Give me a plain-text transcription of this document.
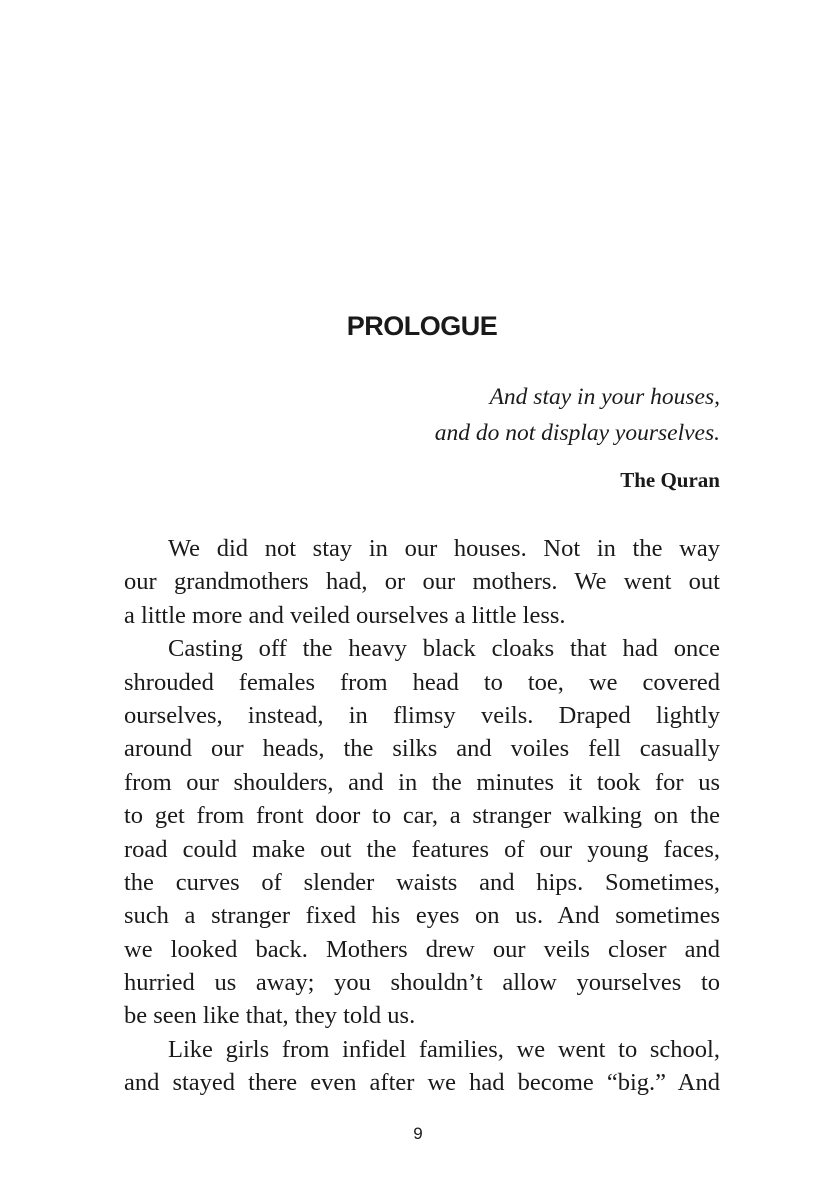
PROLOGUE
And stay in your houses,
and do not display yourselves.
The Quran
We did not stay in our houses. Not in the way
our grandmothers had, or our mothers. We went out
a little more and veiled ourselves a little less.
Casting off the heavy black cloaks that had once
shrouded females from head to toe, we covered
ourselves, instead, in flimsy veils. Draped lightly
around our heads, the silks and voiles fell casually
from our shoulders, and in the minutes it took for us
to get from front door to car, a stranger walking on the
road could make out the features of our young faces,
the curves of slender waists and hips. Sometimes,
such a stranger fixed his eyes on us. And sometimes
we looked back. Mothers drew our veils closer and
hurried us away; you shouldn’t allow yourselves to
be seen like that, they told us.
Like girls from infidel families, we went to school,
and stayed there even after we had become “big.” And
9
